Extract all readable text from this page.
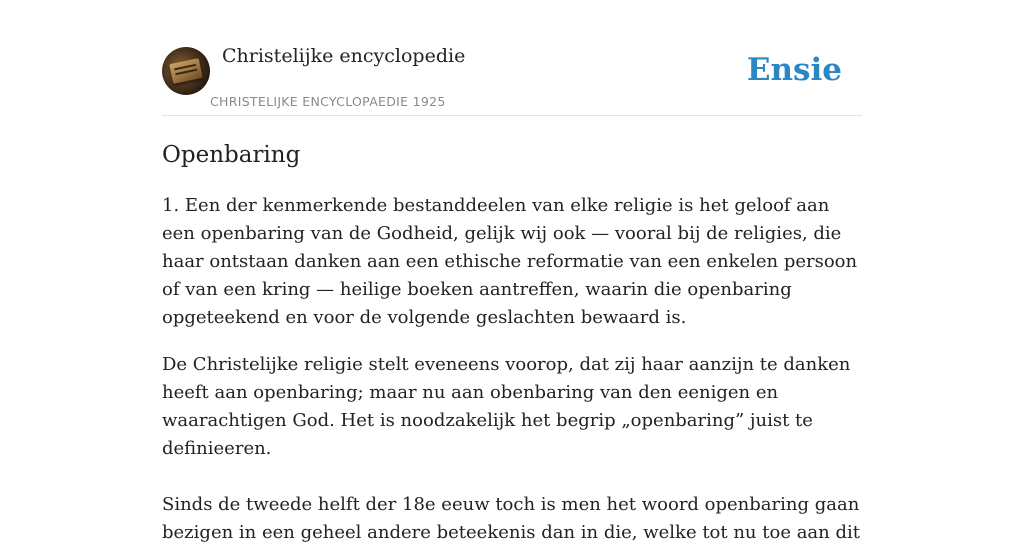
Christelijke encyclopedie
CHRISTELIJKE ENCYCLOPAEDIE 1925
Ensie
Openbaring

1. Een der kenmerkende bestanddeelen van elke religie is het geloof aan een openbaring van de Godheid, gelijk wij ook — vooral bij de religies, die haar ontstaan danken aan een ethische reformatie van een enkelen persoon of van een kring — heilige boeken aantreffen, waarin die openbaring opgeteekend en voor de volgende geslachten bewaard is.

De Christelijke religie stelt eveneens voorop, dat zij haar aanzijn te danken heeft aan openbaring; maar nu aan obenbaring van den eenigen en waarachtigen God. Het is noodzakelijk het begrip „openbaring” juist te definieeren.

Sinds de tweede helft der 18e eeuw toch is men het woord openbaring gaan bezigen in een geheel andere beteekenis dan in die, welke tot nu toe aan dit
